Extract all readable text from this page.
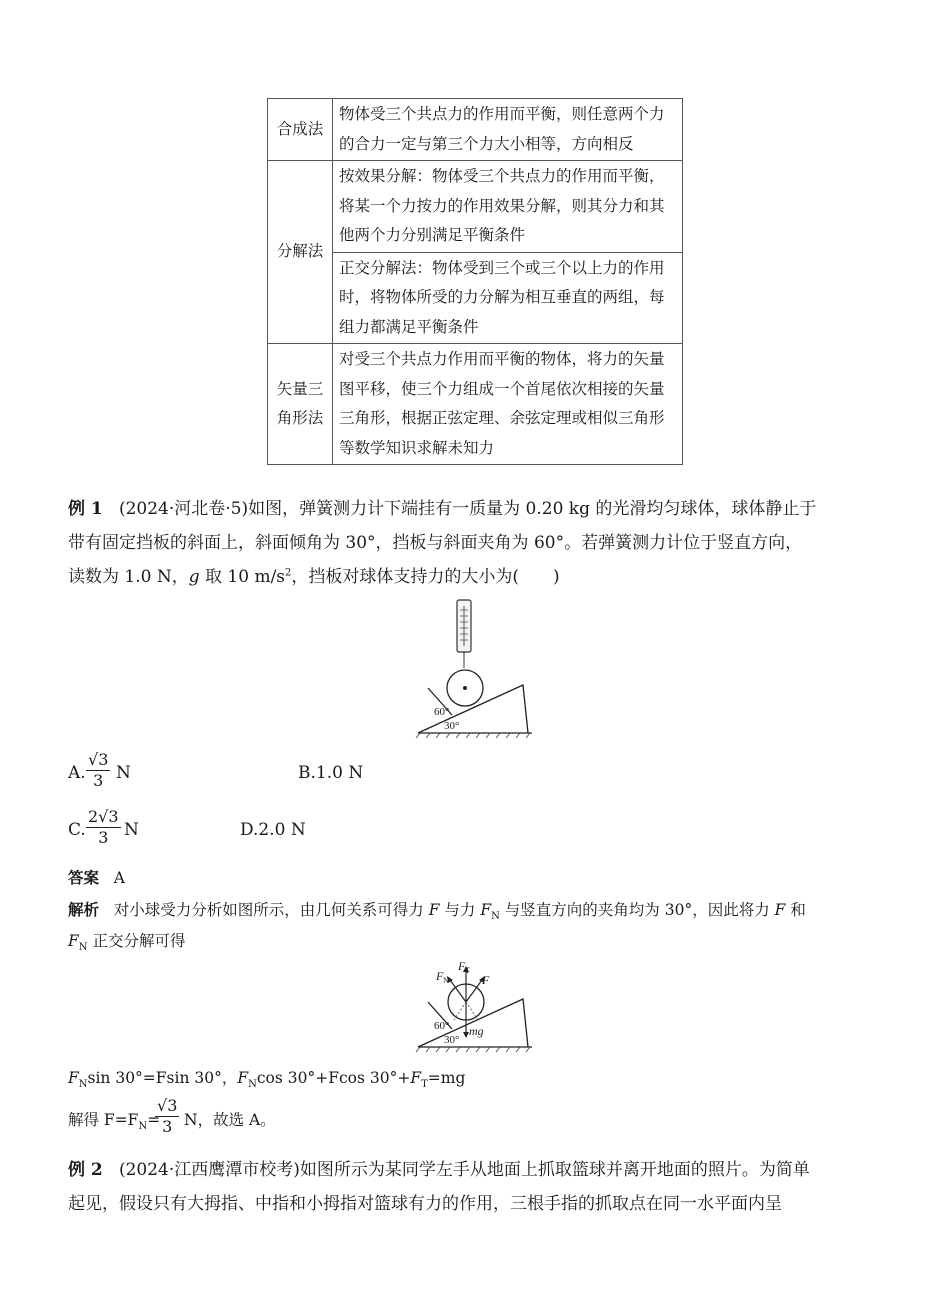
合成法	物体受三个共点力的作用而平衡，则任意两个力的合力一定与第三个力大小相等，方向相反
分解法	按效果分解：物体受三个共点力的作用而平衡，将某一个力按力的作用效果分解，则其分力和其他两个力分别满足平衡条件
	正交分解法：物体受到三个或三个以上力的作用时，将物体所受的力分解为相互垂直的两组，每组力都满足平衡条件
矢量三角形法	对受三个共点力作用而平衡的物体，将力的矢量图平移，使三个力组成一个首尾依次相接的矢量三角形，根据正弦定理、余弦定理或相似三角形等数学知识求解未知力
例 1 (2024·河北卷·5)如图，弹簧测力计下端挂有一质量为 0.20 kg 的光滑均匀球体，球体静止于
带有固定挡板的斜面上，斜面倾角为 30°，挡板与斜面夹角为 60°。若弹簧测力计位于竖直方向，
读数为 1.0 N，g 取 10 $m/s^2$，挡板对球体支持力的大小为(　　)
60°
30°
A. $\frac{√3}{3}$ N	B.1.0 N
C. $\frac{2√3}{3}$ N	D.2.0 N
答案 A
解析 对小球受力分析如图所示，由几何关系可得力 F 与力 $F_N$ 与竖直方向的夹角均为 30°，因此将力 F 和
$F_N$ 正交分解可得
F N
F T
F
mg
60°
30°
$F_N\sin$ 30°=Fsin 30°，$F_N\cos$ 30°+Fcos $30^\circ+F_T=mg$
解得 $F=F_N=$
$\frac{√3}{3}$ N，故选 A。
例 2 (2024·江西鹰潭市校考)如图所示为某同学左手从地面上抓取篮球并离开地面的照片。为简单
起见，假设只有大拇指、中指和小拇指对篮球有力的作用，三根手指的抓取点在同一水平面内呈
